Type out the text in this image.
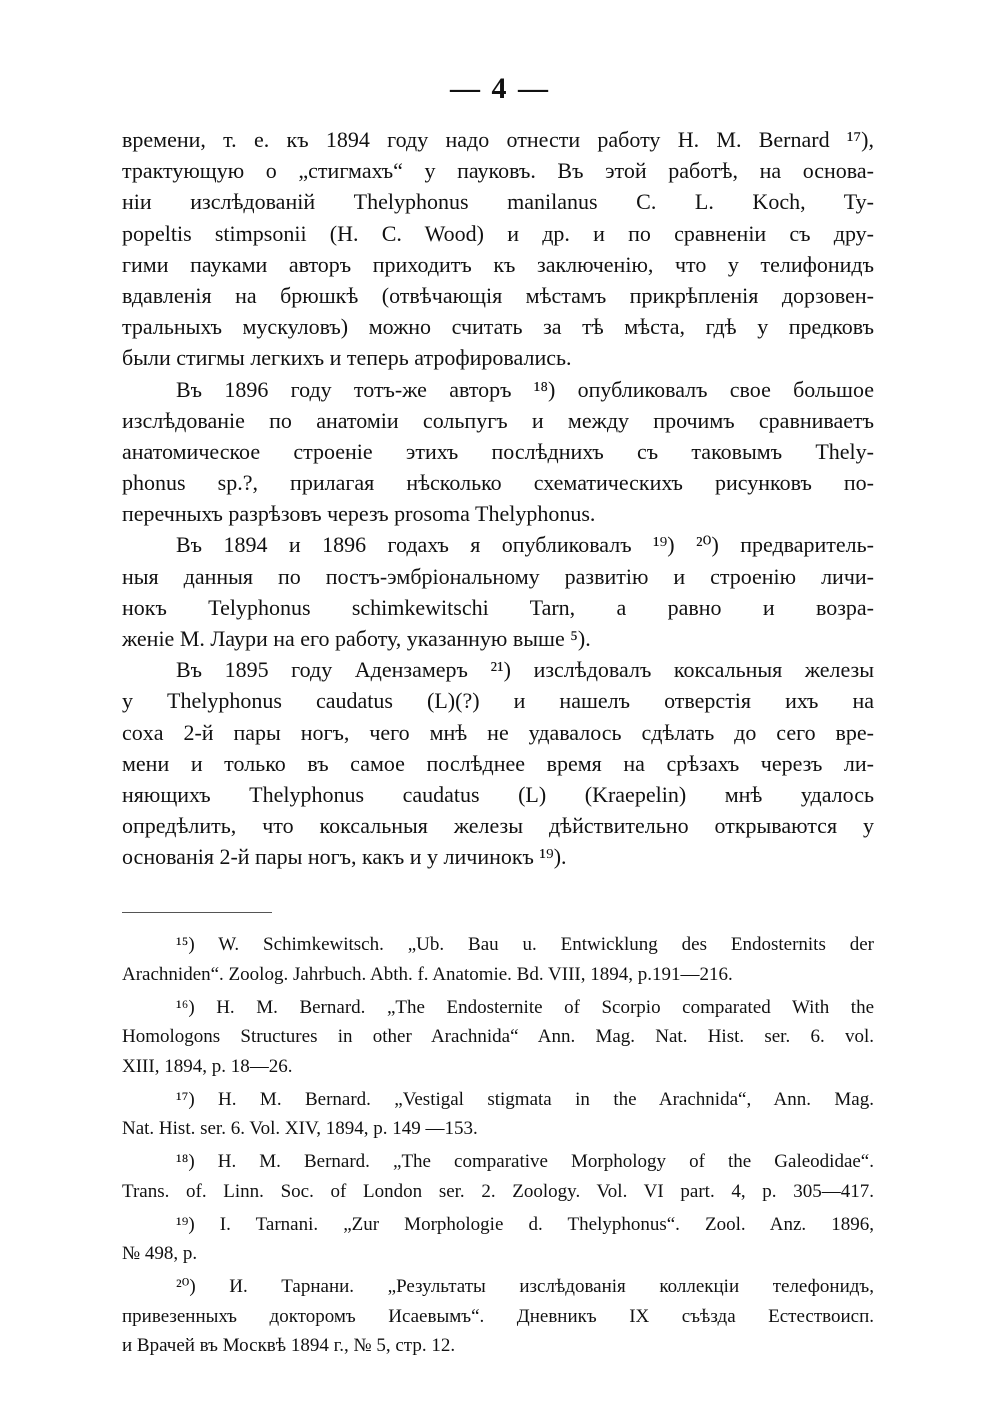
— 4 —
времени, т. е. къ 1894 году надо отнести работу H. M. Bernard ¹⁷),
трактующую о „стигмахъ“ у пауковъ. Въ этой работѣ, на основа-
ніи изслѣдованій Thelyphonus manilanus C. L. Koch, Ty-
popeltis stimpsonii (H. C. Wood) и др. и по сравненіи съ дру-
гими пауками авторъ приходитъ къ заключенію, что у телифонидъ
вдавленія на брюшкѣ (отвѣчающія мѣстамъ прикрѣпленія дорзовен-
тральныхъ мускуловъ) можно считать за тѣ мѣста, гдѣ у предковъ
были стигмы легкихъ и теперь атрофировались.
Въ 1896 году тотъ-же авторъ ¹⁸) опубликовалъ свое большое
изслѣдованіе по анатоміи сольпугъ и между прочимъ сравниваетъ
анатомическое строеніе этихъ послѣднихъ съ таковымъ Thely-
phonus sp.?, прилагая нѣсколько схематическихъ рисунковъ по-
перечныхъ разрѣзовъ черезъ prosoma Thelyphonus.
Въ 1894 и 1896 годахъ я опубликовалъ ¹⁹) ²⁰) предваритель-
ныя данныя по постъ-эмбріональному развитію и строенію личи-
нокъ Telyphonus schimkewitschi Tarn, а равно и возра-
женіе М. Лаури на его работу, указанную выше ⁵).
Въ 1895 году Адензамеръ ²¹) изслѣдовалъ коксальныя железы
у Thelyphonus caudatus (L)(?) и нашелъ отверстія ихъ на
coxa 2-й пары ногъ, чего мнѣ не удавалось сдѣлать до сего вре-
мени и только въ самое послѣднее время на срѣзахъ черезъ ли-
няющихъ Thelyphonus caudatus (L) (Kraepelin) мнѣ удалось
опредѣлить, что коксальныя железы дѣйствительно открываются у
основанія 2-й пары ногъ, какъ и у личинокъ ¹⁹).
¹⁵) W. Schimkewitsch. „Ub. Bau u. Entwicklung des Endosternits der
Arachniden“. Zoolog. Jahrbuch. Abth. f. Anatomie. Bd. VIII, 1894, p.191—216.
¹⁶) H. M. Bernard. „The Endosternite of Scorpio comparated With the
Homologons Structures in other Arachnida“ Ann. Mag. Nat. Hist. ser. 6. vol.
XIII, 1894, p. 18—26.
¹⁷) H. M. Bernard. „Vestigal stigmata in the Arachnida“, Ann. Mag.
Nat. Hist. ser. 6. Vol. XIV, 1894, p. 149 —153.
¹⁸) H. M. Bernard. „The comparative Morphology of the Galeodidae“.
Trans. of. Linn. Soc. of London ser. 2. Zoology. Vol. VI part. 4, p. 305—417.
¹⁹) I. Tarnani. „Zur Morphologie d. Thelyphonus“. Zool. Anz. 1896,
№ 498, p.
²⁰) И. Тарнани. „Результаты изслѣдованія коллекціи телефонидъ,
привезенныхъ докторомъ Исаевымъ“. Дневникъ IX съѣзда Естествоисп.
и Врачей въ Москвѣ 1894 г., № 5, стр. 12.
